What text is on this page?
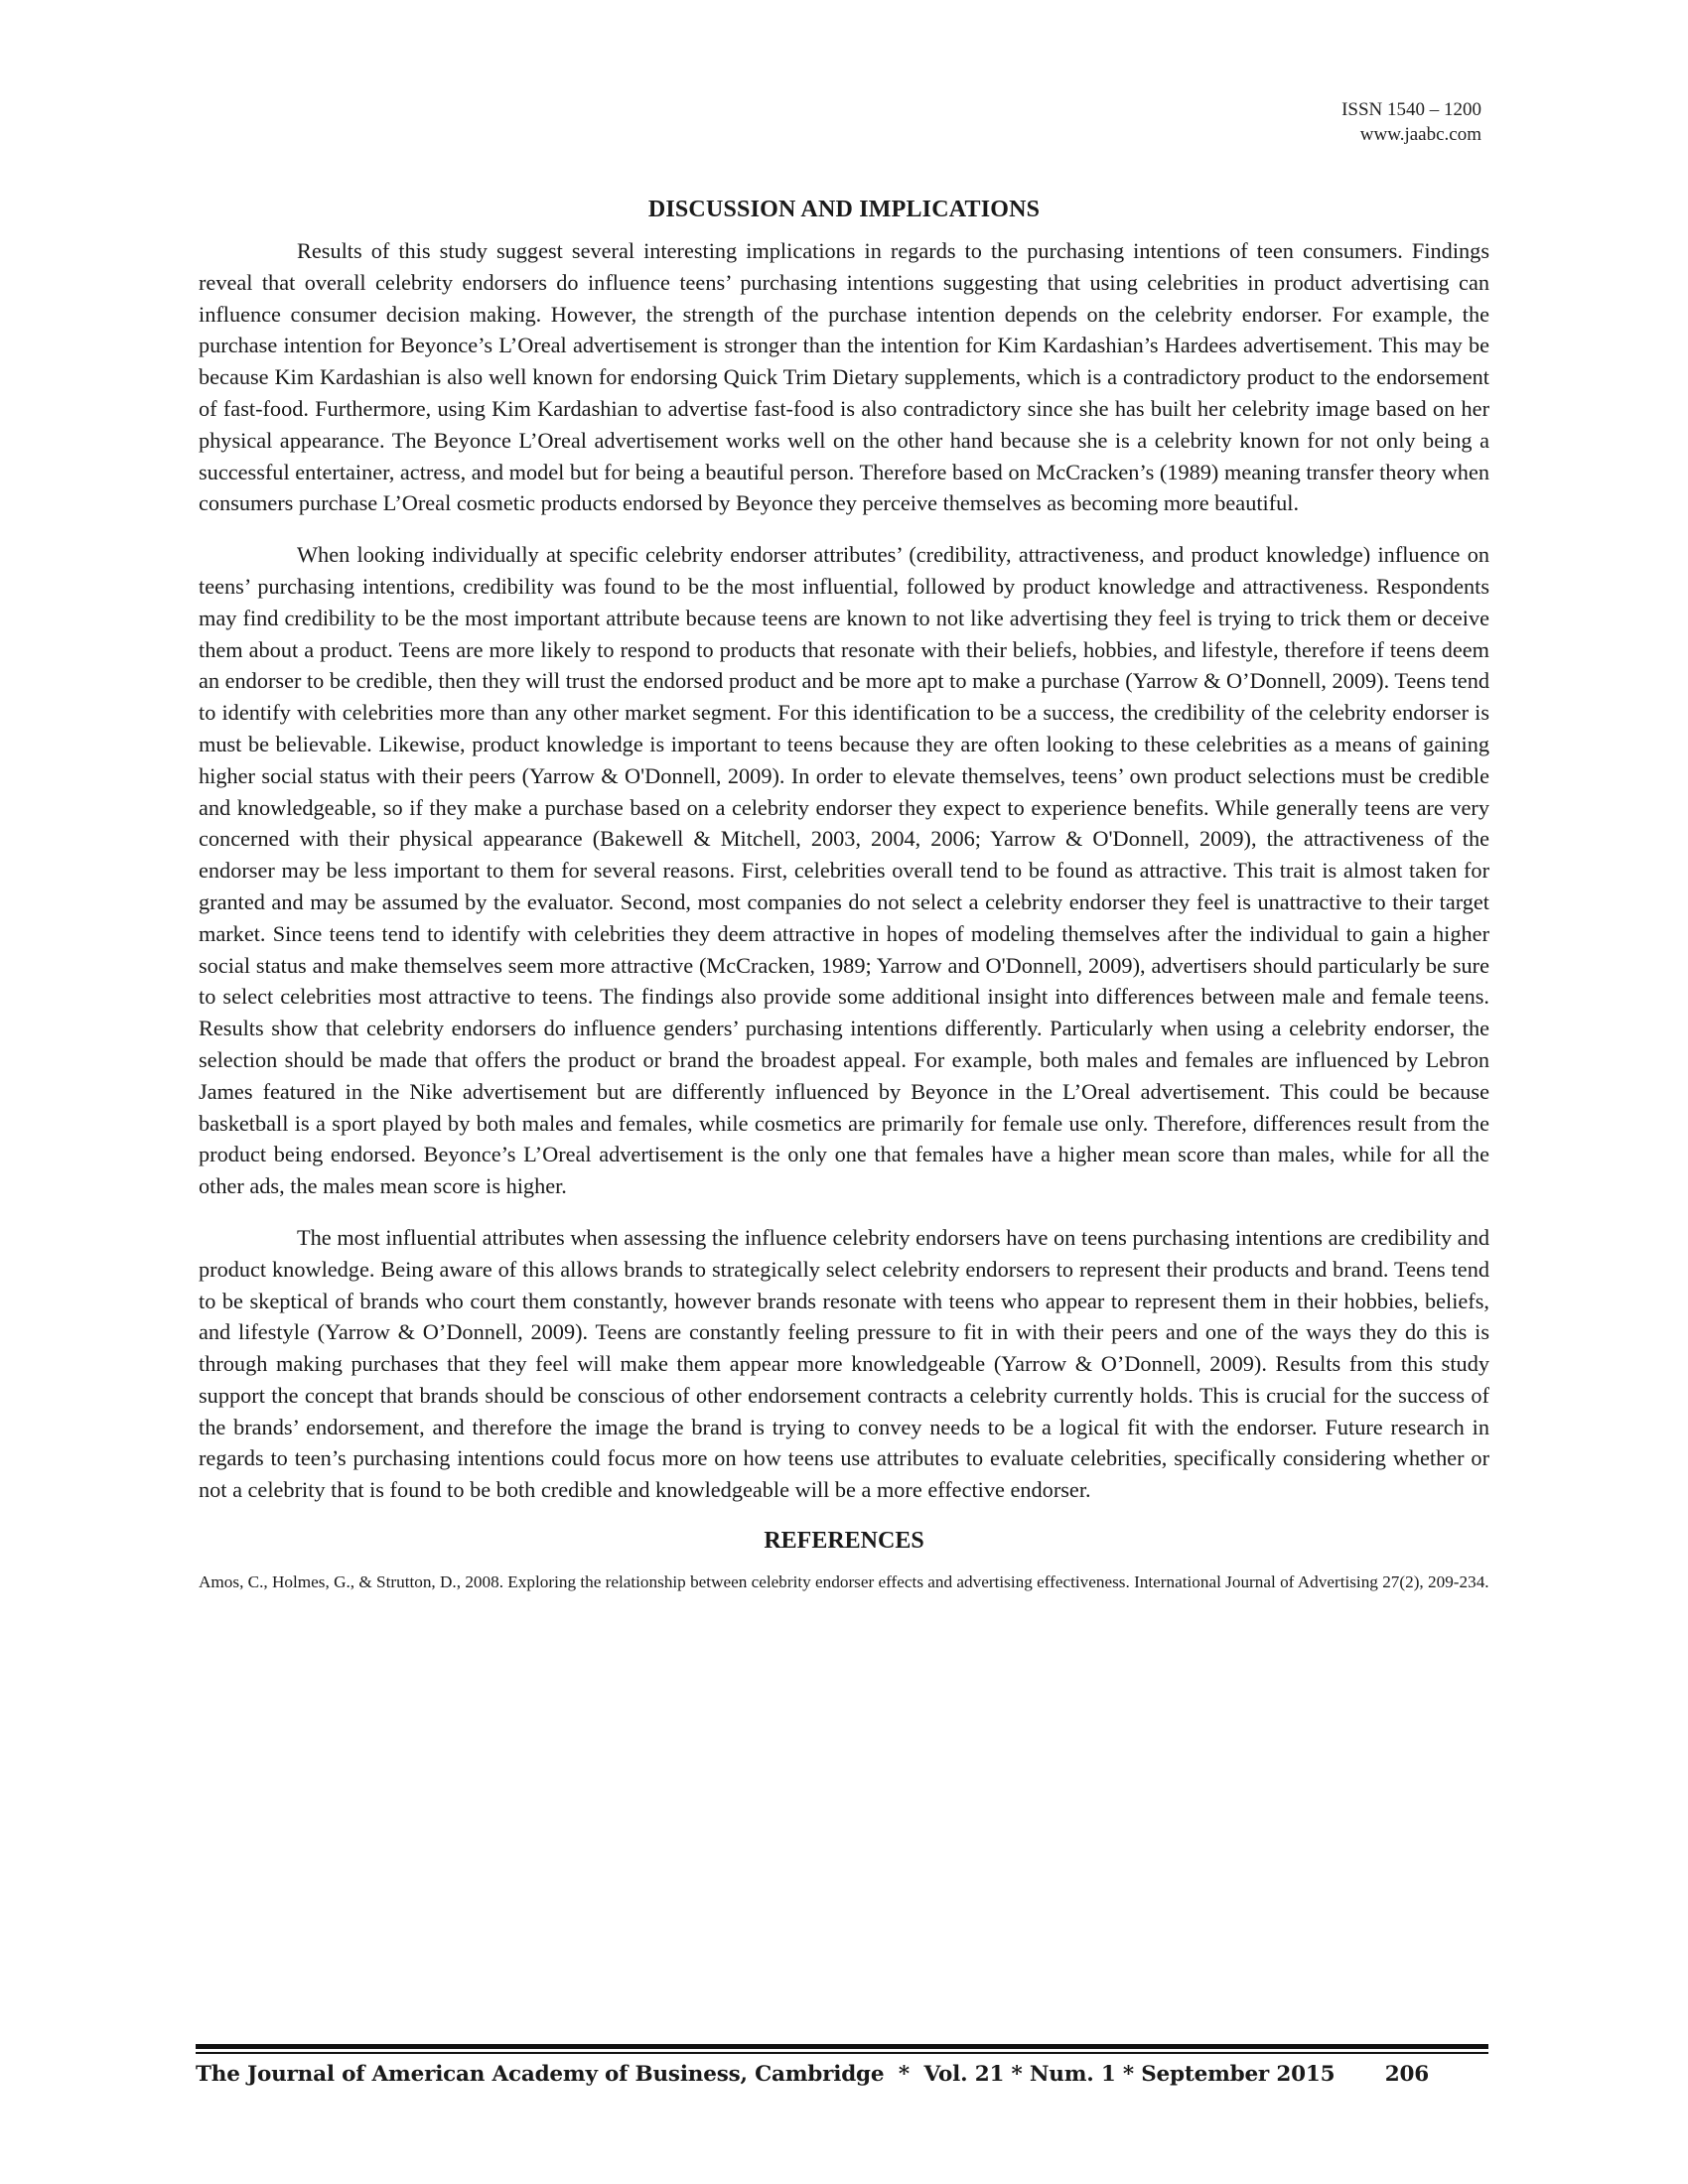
ISSN 1540 – 1200
www.jaabc.com
DISCUSSION AND IMPLICATIONS

Results of this study suggest several interesting implications in regards to the purchasing intentions of teen consumers. Findings reveal that overall celebrity endorsers do influence teens’ purchasing intentions suggesting that using celebrities in product advertising can influence consumer decision making. However, the strength of the purchase intention depends on the celebrity endorser. For example, the purchase intention for Beyonce’s L’Oreal advertisement is stronger than the intention for Kim Kardashian’s Hardees advertisement. This may be because Kim Kardashian is also well known for endorsing Quick Trim Dietary supplements, which is a contradictory product to the endorsement of fast-food. Furthermore, using Kim Kardashian to advertise fast-food is also contradictory since she has built her celebrity image based on her physical appearance. The Beyonce L’Oreal advertisement works well on the other hand because she is a celebrity known for not only being a successful entertainer, actress, and model but for being a beautiful person. Therefore based on McCracken’s (1989) meaning transfer theory when consumers purchase L’Oreal cosmetic products endorsed by Beyonce they perceive themselves as becoming more beautiful.

When looking individually at specific celebrity endorser attributes’ (credibility, attractiveness, and product knowledge) influence on teens’ purchasing intentions, credibility was found to be the most influential, followed by product knowledge and attractiveness. Respondents may find credibility to be the most important attribute because teens are known to not like advertising they feel is trying to trick them or deceive them about a product. Teens are more likely to respond to products that resonate with their beliefs, hobbies, and lifestyle, therefore if teens deem an endorser to be credible, then they will trust the endorsed product and be more apt to make a purchase (Yarrow & O’Donnell, 2009). Teens tend to identify with celebrities more than any other market segment. For this identification to be a success, the credibility of the celebrity endorser is must be believable. Likewise, product knowledge is important to teens because they are often looking to these celebrities as a means of gaining higher social status with their peers (Yarrow & O'Donnell, 2009). In order to elevate themselves, teens’ own product selections must be credible and knowledgeable, so if they make a purchase based on a celebrity endorser they expect to experience benefits. While generally teens are very concerned with their physical appearance (Bakewell & Mitchell, 2003, 2004, 2006; Yarrow & O'Donnell, 2009), the attractiveness of the endorser may be less important to them for several reasons. First, celebrities overall tend to be found as attractive. This trait is almost taken for granted and may be assumed by the evaluator. Second, most companies do not select a celebrity endorser they feel is unattractive to their target market. Since teens tend to identify with celebrities they deem attractive in hopes of modeling themselves after the individual to gain a higher social status and make themselves seem more attractive (McCracken, 1989; Yarrow and O'Donnell, 2009), advertisers should particularly be sure to select celebrities most attractive to teens. The findings also provide some additional insight into differences between male and female teens. Results show that celebrity endorsers do influence genders’ purchasing intentions differently. Particularly when using a celebrity endorser, the selection should be made that offers the product or brand the broadest appeal. For example, both males and females are influenced by Lebron James featured in the Nike advertisement but are differently influenced by Beyonce in the L’Oreal advertisement. This could be because basketball is a sport played by both males and females, while cosmetics are primarily for female use only. Therefore, differences result from the product being endorsed. Beyonce’s L’Oreal advertisement is the only one that females have a higher mean score than males, while for all the other ads, the males mean score is higher.

The most influential attributes when assessing the influence celebrity endorsers have on teens purchasing intentions are credibility and product knowledge. Being aware of this allows brands to strategically select celebrity endorsers to represent their products and brand. Teens tend to be skeptical of brands who court them constantly, however brands resonate with teens who appear to represent them in their hobbies, beliefs, and lifestyle (Yarrow & O’Donnell, 2009). Teens are constantly feeling pressure to fit in with their peers and one of the ways they do this is through making purchases that they feel will make them appear more knowledgeable (Yarrow & O’Donnell, 2009). Results from this study support the concept that brands should be conscious of other endorsement contracts a celebrity currently holds. This is crucial for the success of the brands’ endorsement, and therefore the image the brand is trying to convey needs to be a logical fit with the endorser. Future research in regards to teen’s purchasing intentions could focus more on how teens use attributes to evaluate celebrities, specifically considering whether or not a celebrity that is found to be both credible and knowledgeable will be a more effective endorser.

REFERENCES
Amos, C., Holmes, G., & Strutton, D., 2008. Exploring the relationship between celebrity endorser effects and advertising effectiveness. International Journal of Advertising 27(2), 209-234.
The Journal of American Academy of Business, Cambridge  *  Vol. 21 * Num. 1 * September 2015 206
